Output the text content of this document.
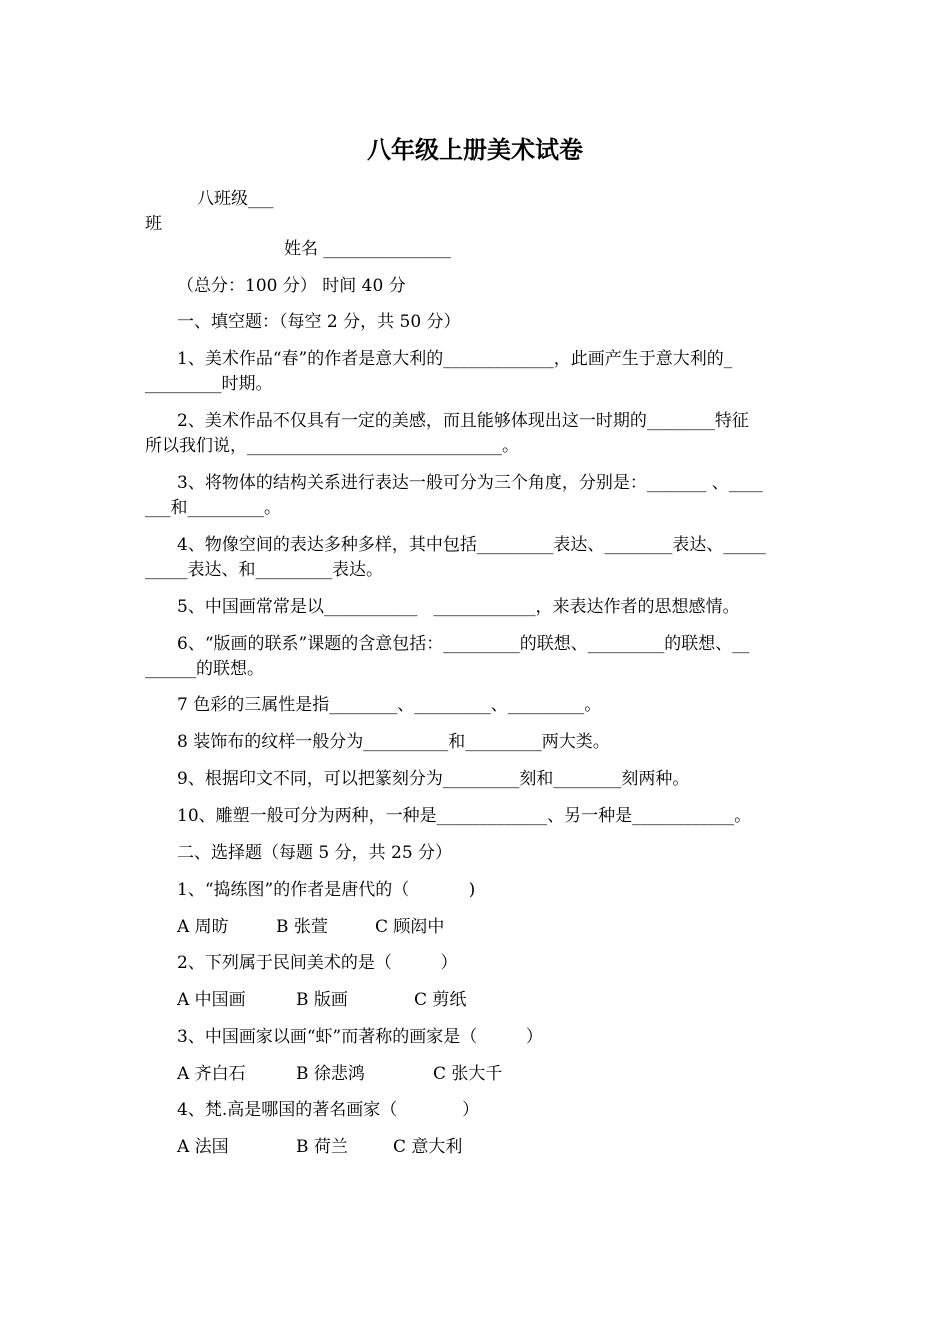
八年级上册美术试卷

八班级___

班

姓名 _______________

（总分：100 分） 时间 40 分

一、填空题：（每空 2 分，共 50 分）

1、美术作品“春”的作者是意大利的_____________，此画产生于意大利的_

_________时期。

2、美术作品不仅具有一定的美感，而且能够体现出这一时期的________特征

所以我们说，______________________________。

3、将物体的结构关系进行表达一般可分为三个角度，分别是：_______ 、____

___和_________。

4、物像空间的表达多种多样，其中包括_________表达、________表达、_____

_____表达、和_________表达。

5、中国画常常是以___________   ____________，来表达作者的思想感情。

6、“版画的联系”课题的含意包括：_________的联想、_________的联想、__

______的联想。

7 色彩的三属性是指________、_________、_________。

8 装饰布的纹样一般分为__________和_________两大类。

9、根据印文不同，可以把篆刻分为_________刻和________刻两种。

10、雕塑一般可分为两种，一种是_____________、另一种是____________。

二、选择题（每题 5 分，共 25 分）

1、“捣练图”的作者是唐代的（           )

A 周昉	B 张萱	C 顾闳中

2、下列属于民间美术的是（         ）

A 中国画	B 版画	C 剪纸

3、中国画家以画“虾”而著称的画家是（         ）

A 齐白石	B 徐悲鸿	C 张大千

4、梵.高是哪国的著名画家（            ）

A 法国	B 荷兰	C 意大利
